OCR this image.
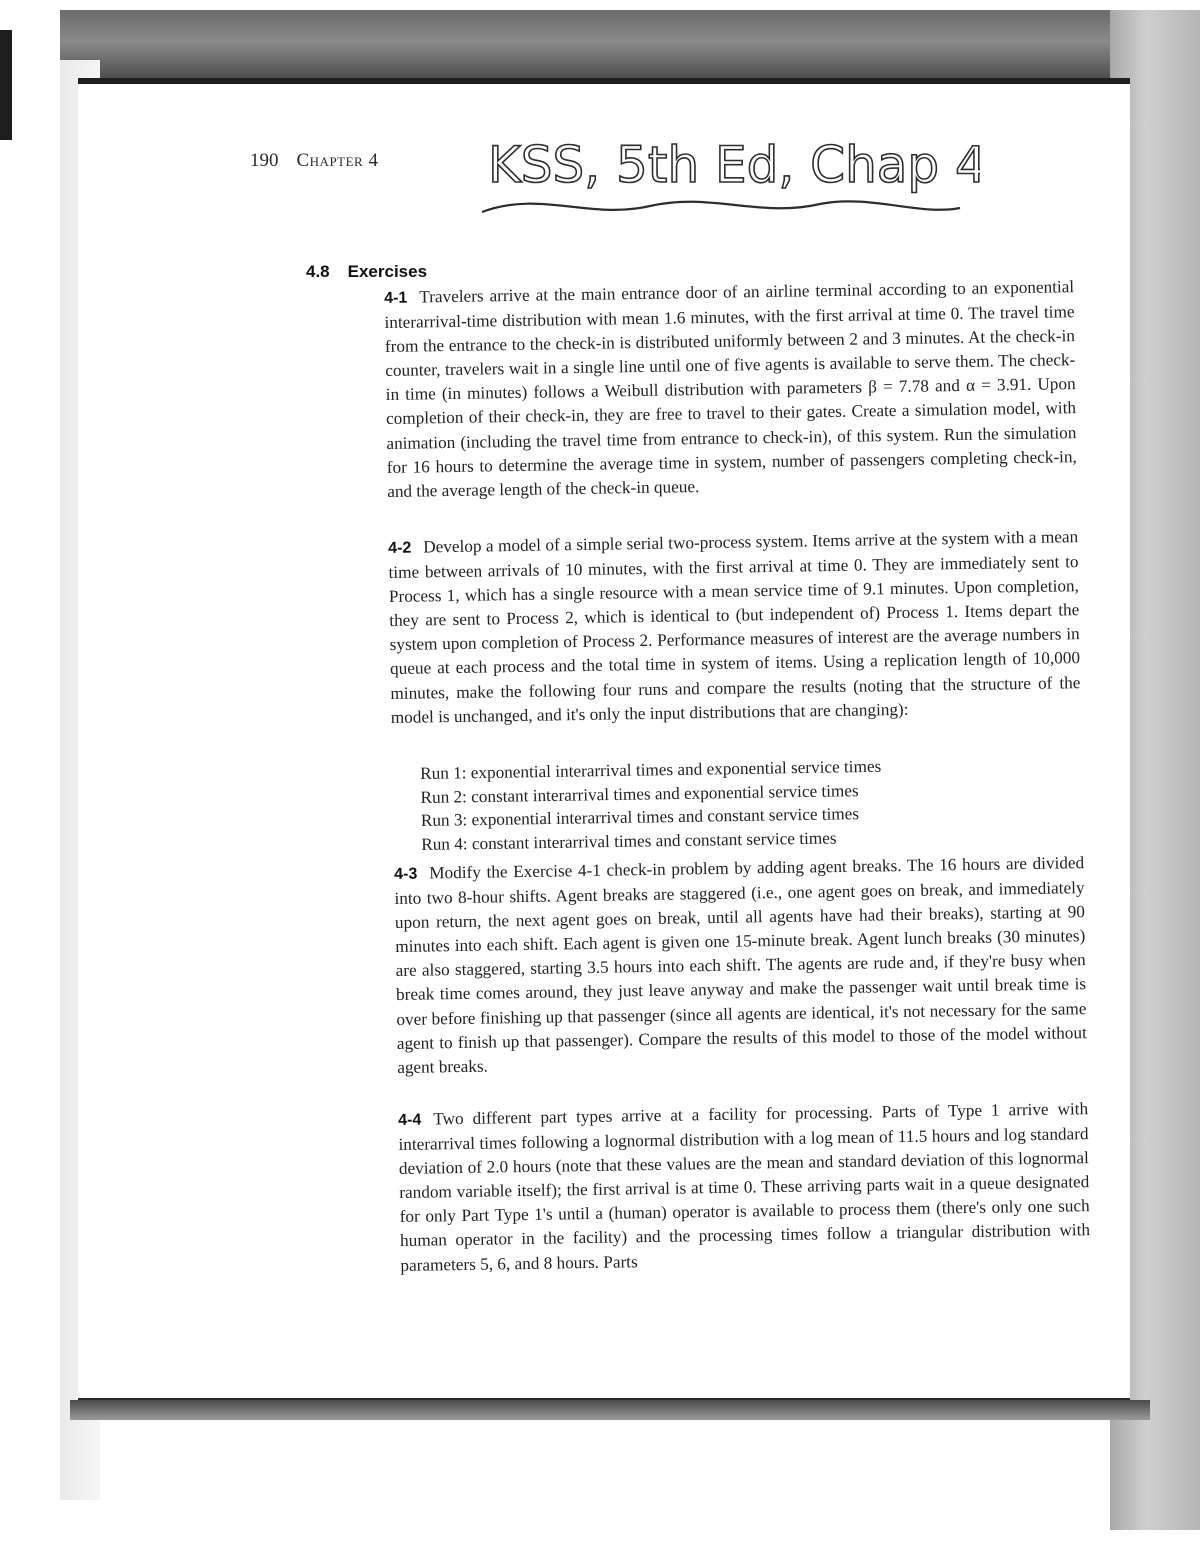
190 Chapter 4 KSS, 5th Ed, Chap 4
4.8 Exercises
4-1 Travelers arrive at the main entrance door of an airline terminal according to an exponential interarrival-time distribution with mean 1.6 minutes, with the first arrival at time 0. The travel time from the entrance to the check-in is distributed uniformly between 2 and 3 minutes. At the check-in counter, travelers wait in a single line until one of five agents is available to serve them. The check-in time (in minutes) follows a Weibull distribution with parameters β = 7.78 and α = 3.91. Upon completion of their check-in, they are free to travel to their gates. Create a simulation model, with animation (including the travel time from entrance to check-in), of this system. Run the simulation for 16 hours to determine the average time in system, number of passengers completing check-in, and the average length of the check-in queue.
4-2 Develop a model of a simple serial two-process system. Items arrive at the system with a mean time between arrivals of 10 minutes, with the first arrival at time 0. They are immediately sent to Process 1, which has a single resource with a mean service time of 9.1 minutes. Upon completion, they are sent to Process 2, which is identical to (but independent of) Process 1. Items depart the system upon completion of Process 2. Performance measures of interest are the average numbers in queue at each process and the total time in system of items. Using a replication length of 10,000 minutes, make the following four runs and compare the results (noting that the structure of the model is unchanged, and it's only the input distributions that are changing):
Run 1: exponential interarrival times and exponential service times
Run 2: constant interarrival times and exponential service times
Run 3: exponential interarrival times and constant service times
Run 4: constant interarrival times and constant service times
4-3 Modify the Exercise 4-1 check-in problem by adding agent breaks. The 16 hours are divided into two 8-hour shifts. Agent breaks are staggered (i.e., one agent goes on break, and immediately upon return, the next agent goes on break, until all agents have had their breaks), starting at 90 minutes into each shift. Each agent is given one 15-minute break. Agent lunch breaks (30 minutes) are also staggered, starting 3.5 hours into each shift. The agents are rude and, if they're busy when break time comes around, they just leave anyway and make the passenger wait until break time is over before finishing up that passenger (since all agents are identical, it's not necessary for the same agent to finish up that passenger). Compare the results of this model to those of the model without agent breaks.
4-4 Two different part types arrive at a facility for processing. Parts of Type 1 arrive with interarrival times following a lognormal distribution with a log mean of 11.5 hours and log standard deviation of 2.0 hours (note that these values are the mean and standard deviation of this lognormal random variable itself); the first arrival is at time 0. These arriving parts wait in a queue designated for only Part Type 1's until a (human) operator is available to process them (there's only one such human operator in the facility) and the processing times follow a triangular distribution with parameters 5, 6, and 8 hours. Parts
